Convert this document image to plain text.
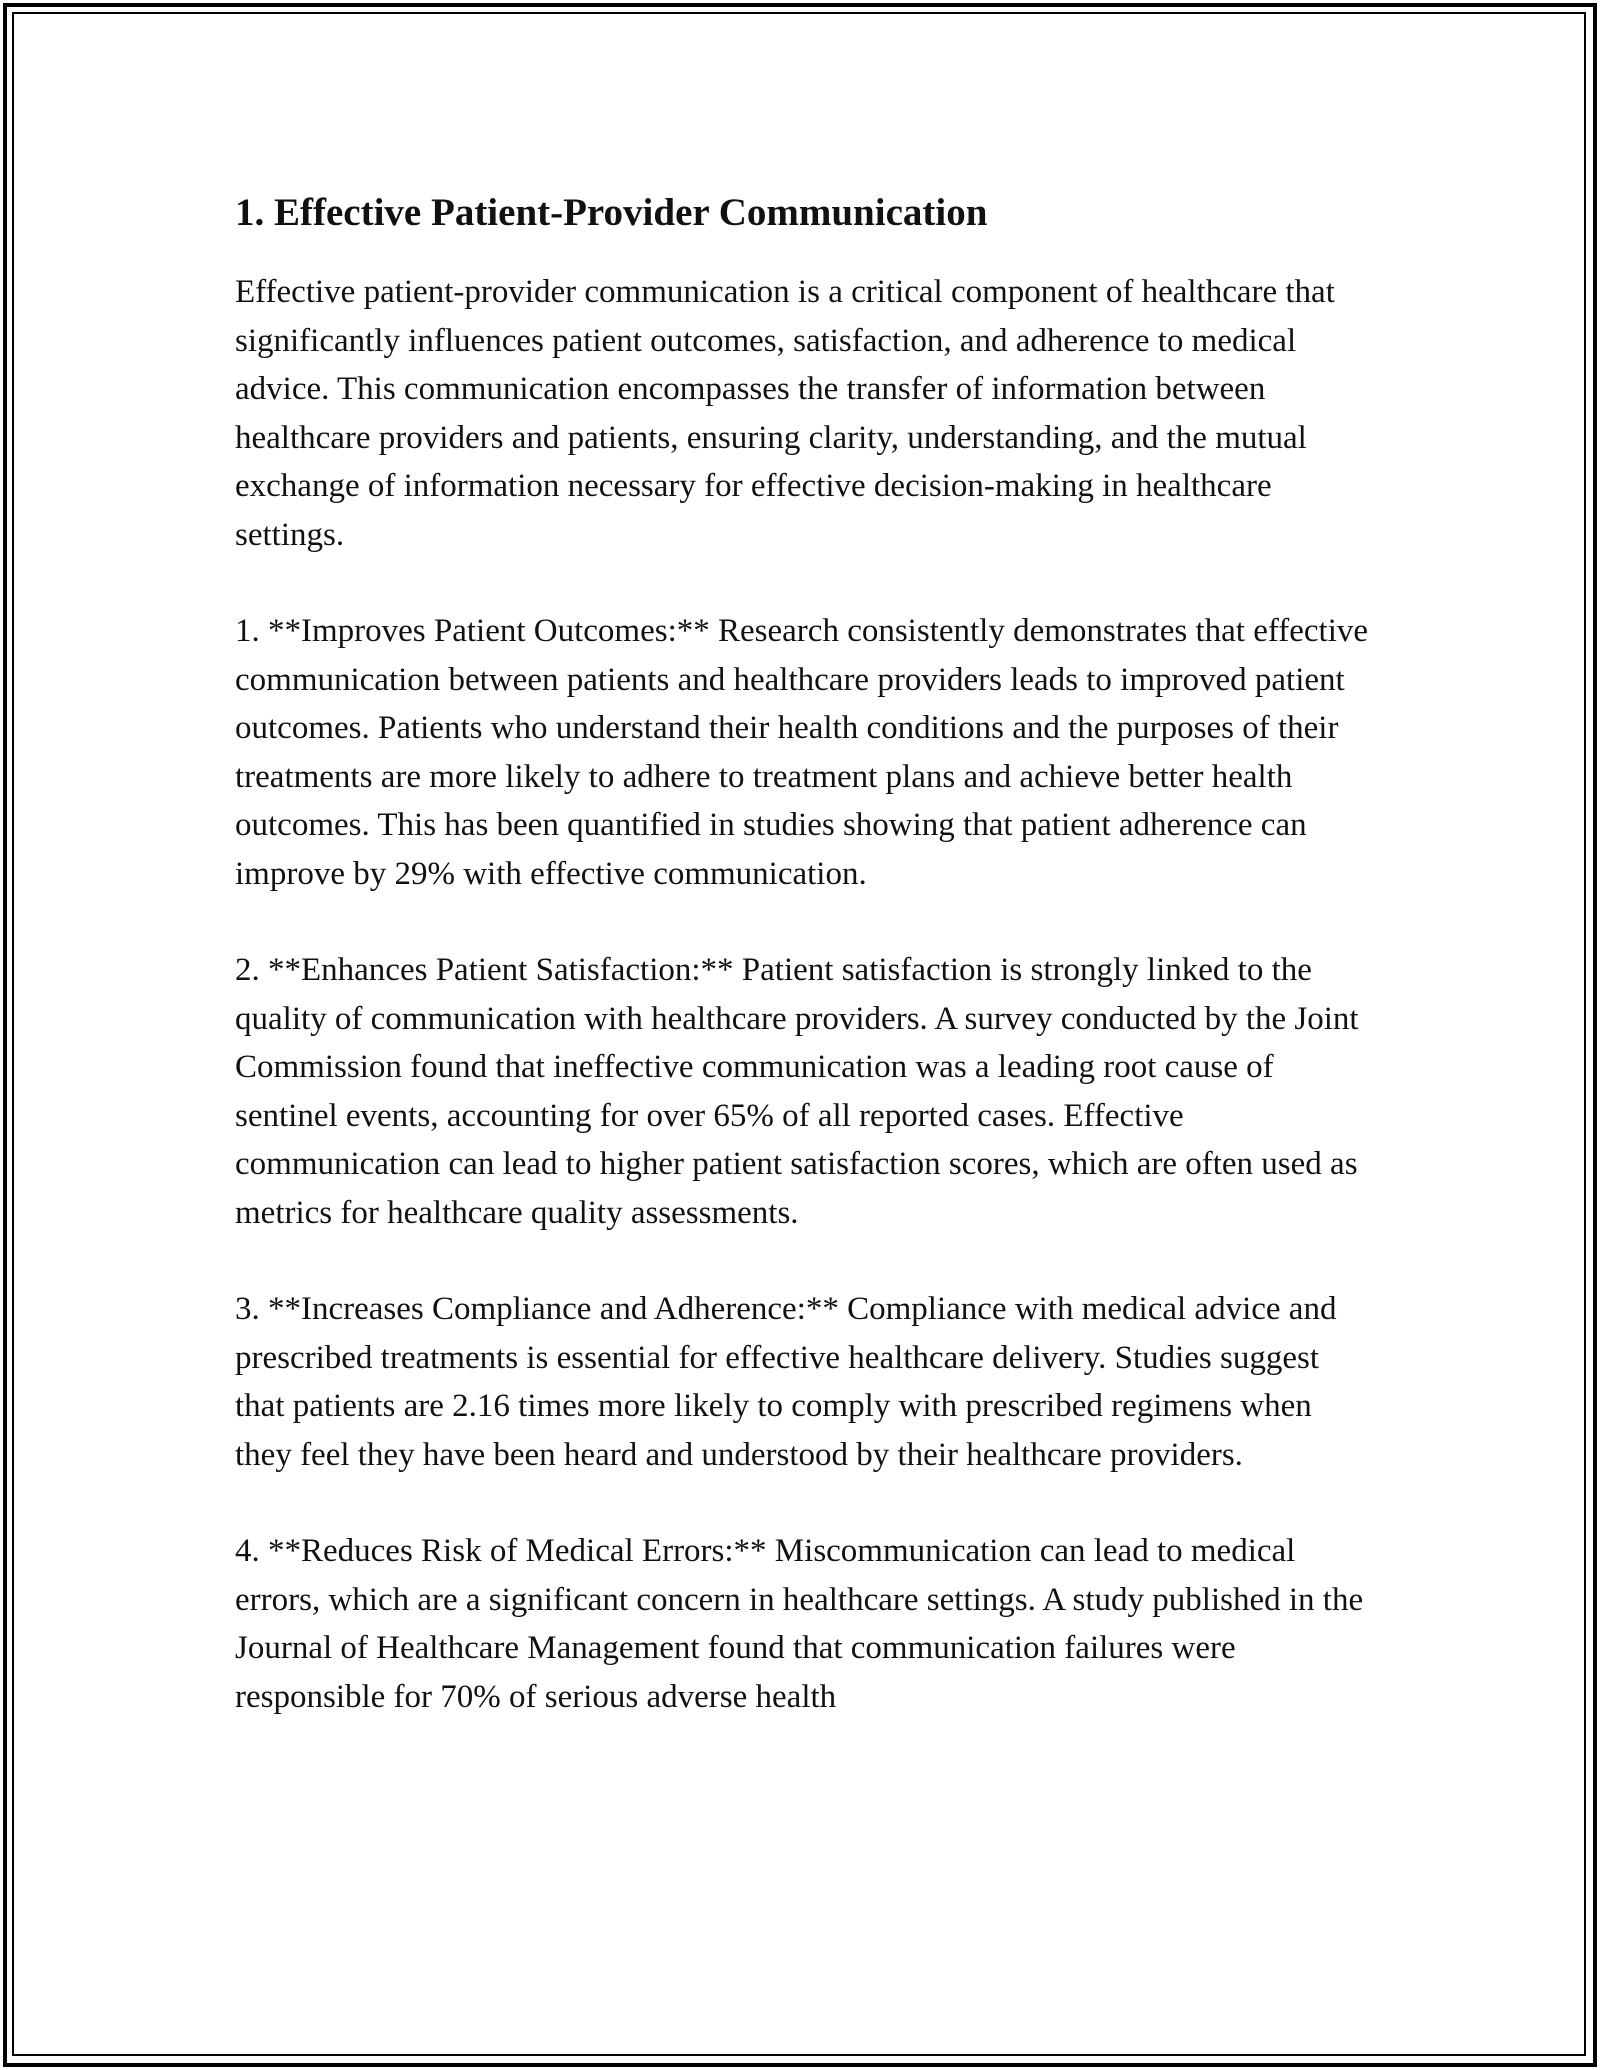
1. Effective Patient-Provider Communication

Effective patient-provider communication is a critical component of healthcare that significantly influences patient outcomes, satisfaction, and adherence to medical advice. This communication encompasses the transfer of information between healthcare providers and patients, ensuring clarity, understanding, and the mutual exchange of information necessary for effective decision-making in healthcare settings.

1. **Improves Patient Outcomes:** Research consistently demonstrates that effective communication between patients and healthcare providers leads to improved patient outcomes. Patients who understand their health conditions and the purposes of their treatments are more likely to adhere to treatment plans and achieve better health outcomes. This has been quantified in studies showing that patient adherence can improve by 29% with effective communication.

2. **Enhances Patient Satisfaction:** Patient satisfaction is strongly linked to the quality of communication with healthcare providers. A survey conducted by the Joint Commission found that ineffective communication was a leading root cause of sentinel events, accounting for over 65% of all reported cases. Effective communication can lead to higher patient satisfaction scores, which are often used as metrics for healthcare quality assessments.

3. **Increases Compliance and Adherence:** Compliance with medical advice and prescribed treatments is essential for effective healthcare delivery. Studies suggest that patients are 2.16 times more likely to comply with prescribed regimens when they feel they have been heard and understood by their healthcare providers.

4. **Reduces Risk of Medical Errors:** Miscommunication can lead to medical errors, which are a significant concern in healthcare settings. A study published in the Journal of Healthcare Management found that communication failures were responsible for 70% of serious adverse health
